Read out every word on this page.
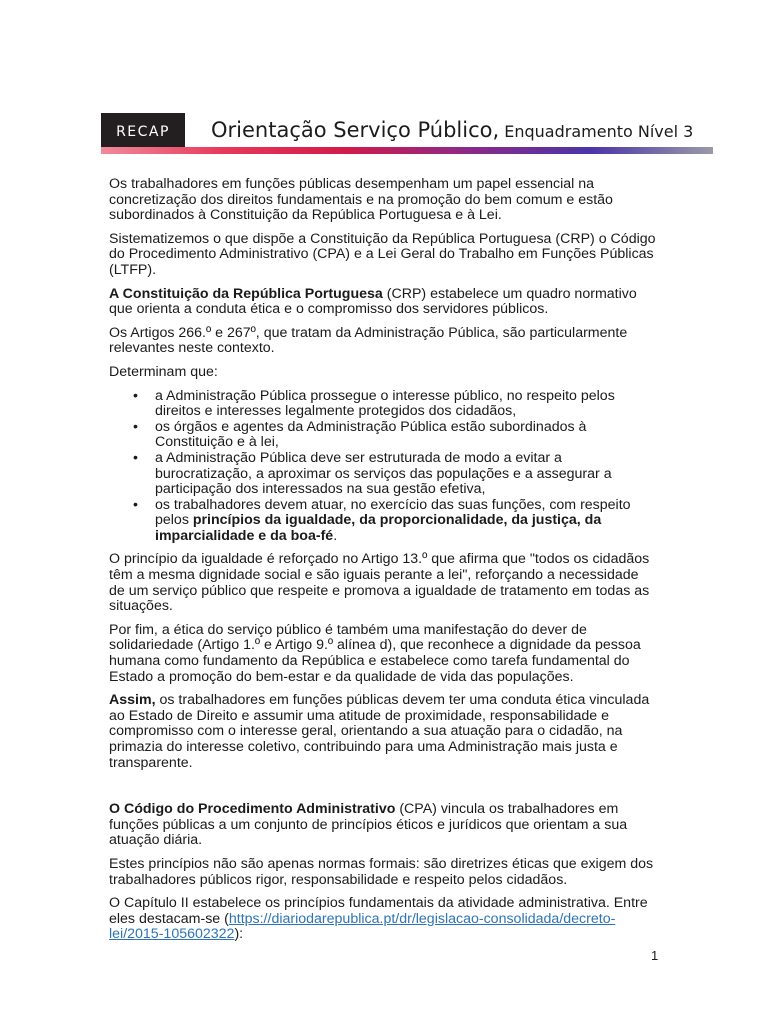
RECAP Orientação Serviço Público, Enquadramento Nível 3

Os trabalhadores em funções públicas desempenham um papel essencial na concretização dos direitos fundamentais e na promoção do bem comum e estão subordinados à Constituição da República Portuguesa e à Lei.

Sistematizemos o que dispõe a Constituição da República Portuguesa (CRP) o Código do Procedimento Administrativo (CPA) e a Lei Geral do Trabalho em Funções Públicas (LTFP).

A Constituição da República Portuguesa (CRP) estabelece um quadro normativo que orienta a conduta ética e o compromisso dos servidores públicos.

Os Artigos 266.º e 267º, que tratam da Administração Pública, são particularmente relevantes neste contexto.

Determinam que:

• a Administração Pública prossegue o interesse público, no respeito pelos direitos e interesses legalmente protegidos dos cidadãos,
• os órgãos e agentes da Administração Pública estão subordinados à Constituição e à lei,
• a Administração Pública deve ser estruturada de modo a evitar a burocratização, a aproximar os serviços das populações e a assegurar a participação dos interessados na sua gestão efetiva,
• os trabalhadores devem atuar, no exercício das suas funções, com respeito pelos princípios da igualdade, da proporcionalidade, da justiça, da imparcialidade e da boa-fé.

O princípio da igualdade é reforçado no Artigo 13.º que afirma que "todos os cidadãos têm a mesma dignidade social e são iguais perante a lei", reforçando a necessidade de um serviço público que respeite e promova a igualdade de tratamento em todas as situações.

Por fim, a ética do serviço público é também uma manifestação do dever de solidariedade (Artigo 1.º e Artigo 9.º alínea d), que reconhece a dignidade da pessoa humana como fundamento da República e estabelece como tarefa fundamental do Estado a promoção do bem-estar e da qualidade de vida das populações.

Assim, os trabalhadores em funções públicas devem ter uma conduta ética vinculada ao Estado de Direito e assumir uma atitude de proximidade, responsabilidade e compromisso com o interesse geral, orientando a sua atuação para o cidadão, na primazia do interesse coletivo, contribuindo para uma Administração mais justa e transparente.

O Código do Procedimento Administrativo (CPA) vincula os trabalhadores em funções públicas a um conjunto de princípios éticos e jurídicos que orientam a sua atuação diária.

Estes princípios não são apenas normas formais: são diretrizes éticas que exigem dos trabalhadores públicos rigor, responsabilidade e respeito pelos cidadãos.

O Capítulo II estabelece os princípios fundamentais da atividade administrativa. Entre eles destacam-se (https://diariodarepublica.pt/dr/legislacao-consolidada/decreto-lei/2015-105602322):

1
